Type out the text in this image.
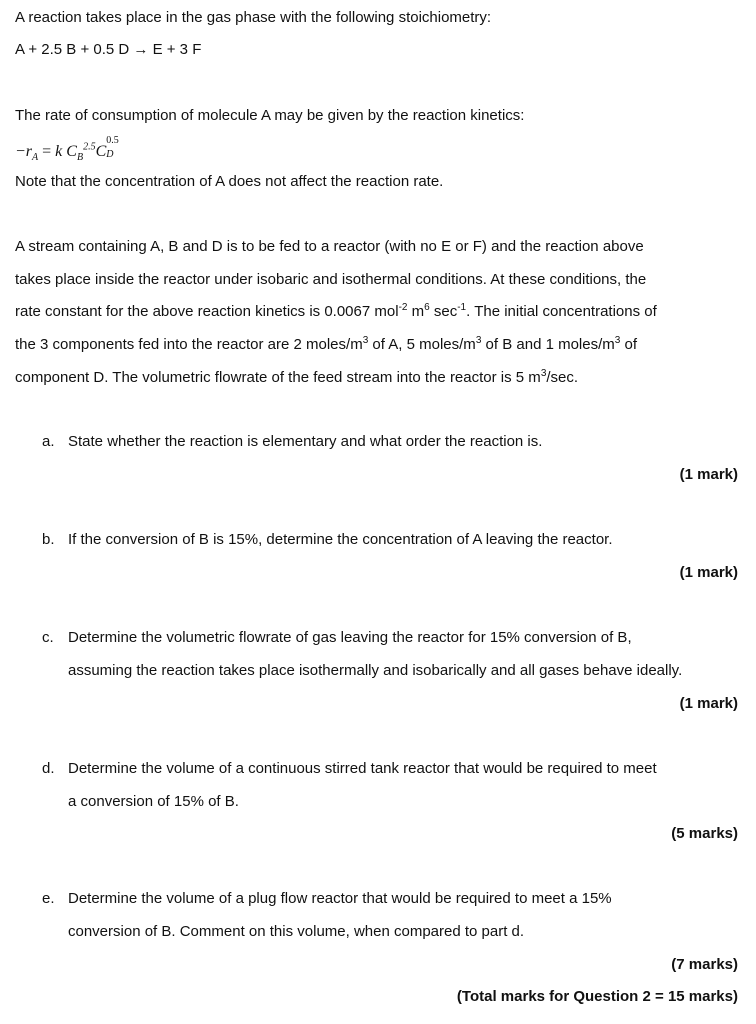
A reaction takes place in the gas phase with the following stoichiometry:
A + 2.5 B + 0.5 D → E + 3 F
The rate of consumption of molecule A may be given by the reaction kinetics:
$-r_A = k$ $C_B^{2.5}C$
0.5
D
Note that the concentration of A does not affect the reaction rate.
A stream containing A, B and D is to be fed to a reactor (with no E or F) and the reaction above
takes place inside the reactor under isobaric and isothermal conditions. At these conditions, the
rate constant for the above reaction kinetics is 0.0067 mol$^{-2}$ $m^6$ $\sec^{-1}$. The initial concentrations of
the 3 components fed into the reactor are 2 moles/$m^3$ of A, 5 moles/$m^3$ of B and 1 moles/$m^3$ of
component D. The volumetric flowrate of the feed stream into the reactor is 5 $m^3/\sec$.
a. State whether the reaction is elementary and what order the reaction is.
(1 mark)
b. If the conversion of B is 15%, determine the concentration of A leaving the reactor.
(1 mark)
c. Determine the volumetric flowrate of gas leaving the reactor for 15% conversion of B,
assuming the reaction takes place isothermally and isobarically and all gases behave ideally.
(1 mark)
d. Determine the volume of a continuous stirred tank reactor that would be required to meet
a conversion of 15% of B.
(5 marks)
e. Determine the volume of a plug flow reactor that would be required to meet a 15%
conversion of B. Comment on this volume, when compared to part d.
(7 marks)
(Total marks for Question 2 = 15 marks)
